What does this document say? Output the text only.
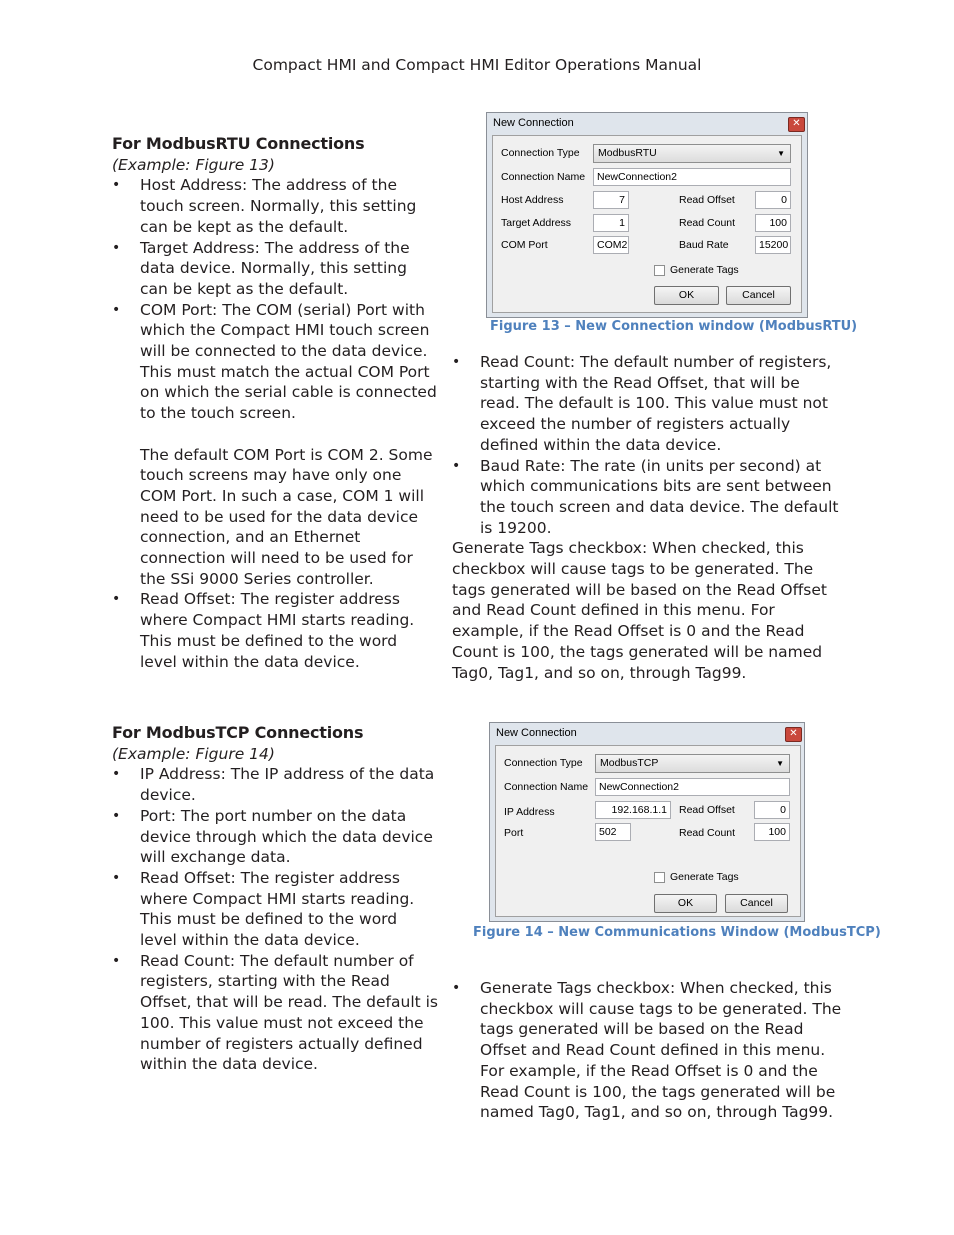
Compact HMI and Compact HMI Editor Operations Manual
For ModbusRTU Connections
(Example: Figure 13)
• Host Address: The address of the touch screen. Normally, this setting can be kept as the default.
• Target Address: The address of the data device. Normally, this setting can be kept as the default.
• COM Port: The COM (serial) Port with which the Compact HMI touch screen will be connected to the data device. This must match the actual COM Port on which the serial cable is connected to the touch screen.
The default COM Port is COM 2. Some touch screens may have only one COM Port. In such a case, COM 1 will need to be used for the data device connection, and an Ethernet connection will need to be used for the SSi 9000 Series controller.
• Read Offset: The register address where Compact HMI starts reading. This must be defined to the word level within the data device.
New Connection	✕
Connection Type	ModbusRTU	▼
Connection Name	NewConnection2
Host Address	7
Target Address	1
COM Port	COM2
Read Offset	0
Read Count	100
Baud Rate	15200
Generate Tags
OK	Cancel
Figure 13 – New Connection window (ModbusRTU)
• Read Count: The default number of registers, starting with the Read Offset, that will be read. The default is 100. This value must not exceed the number of registers actually defined within the data device.
• Baud Rate: The rate (in units per second) at which communications bits are sent between the touch screen and data device. The default is 19200.
Generate Tags checkbox: When checked, this checkbox will cause tags to be generated. The tags generated will be based on the Read Offset and Read Count defined in this menu. For example, if the Read Offset is 0 and the Read Count is 100, the tags generated will be named Tag0, Tag1, and so on, through Tag99.
For ModbusTCP Connections
(Example: Figure 14)
• IP Address: The IP address of the data device.
• Port: The port number on the data device through which the data device will exchange data.
• Read Offset: The register address where Compact HMI starts reading. This must be defined to the word level within the data device.
• Read Count: The default number of registers, starting with the Read Offset, that will be read. The default is 100. This value must not exceed the number of registers actually defined within the data device.
New Connection	✕
Connection Type	ModbusTCP	▼
Connection Name	NewConnection2
IP Address	192.168.1.1
Port	502
Read Offset	0
Read Count	100
Generate Tags
OK	Cancel
Figure 14 – New Communications Window (ModbusTCP)
• Generate Tags checkbox: When checked, this checkbox will cause tags to be generated. The tags generated will be based on the Read Offset and Read Count defined in this menu. For example, if the Read Offset is 0 and the Read Count is 100, the tags generated will be named Tag0, Tag1, and so on, through Tag99.
